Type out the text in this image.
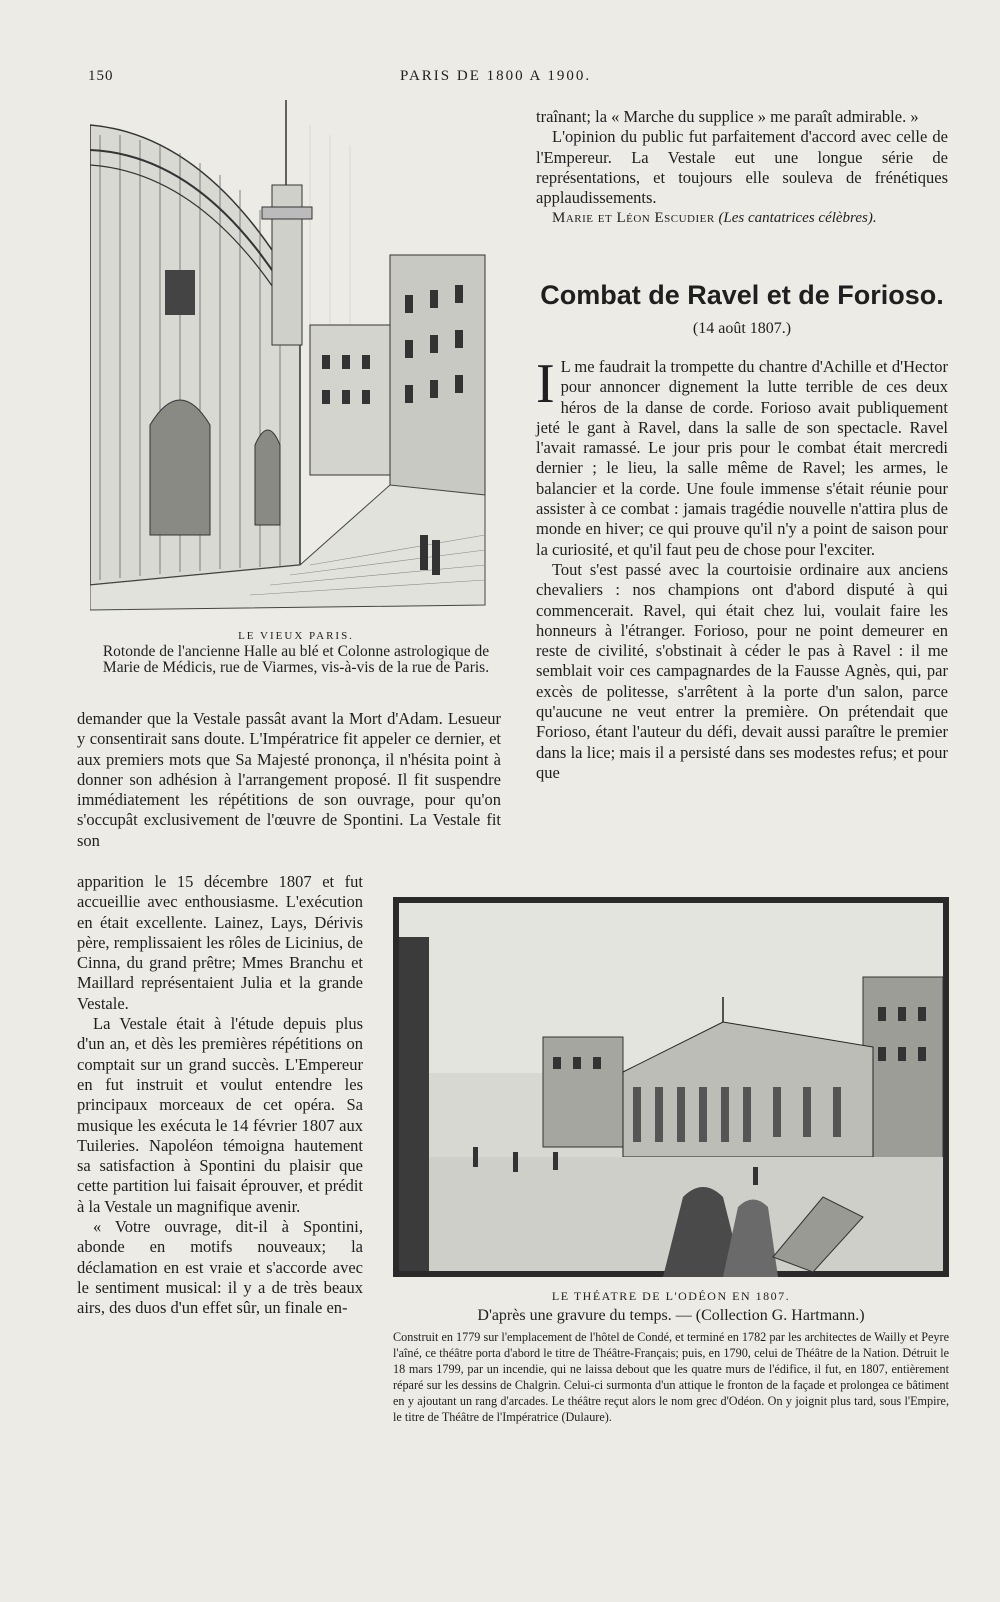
150	PARIS DE 1800 A 1900.
LE VIEUX PARIS.
Rotonde de l'ancienne Halle au blé et Colonne astrologique de Marie de Médicis, rue de Viarmes, vis-à-vis de la rue de Paris.

demander que la Vestale passât avant la Mort d'Adam. Lesueur y consentirait sans doute. L'Impératrice fit appeler ce dernier, et aux premiers mots que Sa Majesté prononça, il n'hésita point à donner son adhésion à l'arrangement proposé. Il fit suspendre immédiatement les répétitions de son ouvrage, pour qu'on s'occupât exclusivement de l'œuvre de Spontini. La Vestale fit son

apparition le 15 décembre 1807 et fut accueillie avec enthousiasme. L'exécution en était excellente. Lainez, Lays, Dérivis père, remplissaient les rôles de Licinius, de Cinna, du grand prêtre; Mmes Branchu et Maillard représentaient Julia et la grande Vestale.

La Vestale était à l'étude depuis plus d'un an, et dès les premières répétitions on comptait sur un grand succès. L'Empereur en fut instruit et voulut entendre les principaux morceaux de cet opéra. Sa musique les exécuta le 14 février 1807 aux Tuileries. Napoléon témoigna hautement sa satisfaction à Spontini du plaisir que cette partition lui faisait éprouver, et prédit à la Vestale un magnifique avenir.

« Votre ouvrage, dit-il à Spontini, abonde en motifs nouveaux; la déclamation en est vraie et s'accorde avec le sentiment musical: il y a de très beaux airs, des duos d'un effet sûr, un finale en-

traînant; la « Marche du supplice » me paraît admirable. »

L'opinion du public fut parfaitement d'accord avec celle de l'Empereur. La Vestale eut une longue série de représentations, et toujours elle souleva de frénétiques applaudissements.

Marie et Léon Escudier (Les cantatrices célèbres).

Combat de Ravel et de Forioso.
(14 août 1807.)

I L me faudrait la trompette du chantre d'Achille et d'Hector pour annoncer dignement la lutte terrible de ces deux héros de la danse de corde. Forioso avait publiquement jeté le gant à Ravel, dans la salle de son spectacle. Ravel l'avait ramassé. Le jour pris pour le combat était mercredi dernier ; le lieu, la salle même de Ravel; les armes, le balancier et la corde. Une foule immense s'était réunie pour assister à ce combat : jamais tragédie nouvelle n'attira plus de monde en hiver; ce qui prouve qu'il n'y a point de saison pour la curiosité, et qu'il faut peu de chose pour l'exciter.

Tout s'est passé avec la courtoisie ordinaire aux anciens chevaliers : nos champions ont d'abord disputé à qui commencerait. Ravel, qui était chez lui, voulait faire les honneurs à l'étranger. Forioso, pour ne point demeurer en reste de civilité, s'obstinait à céder le pas à Ravel : il me semblait voir ces campagnardes de la Fausse Agnès, qui, par excès de politesse, s'arrêtent à la porte d'un salon, parce qu'aucune ne veut entrer la première. On prétendait que Forioso, étant l'auteur du défi, devait aussi paraître le premier dans la lice; mais il a persisté dans ses modestes refus; et pour que

LE THÉATRE DE L'ODÉON EN 1807.
D'après une gravure du temps. — (Collection G. Hartmann.)
Construit en 1779 sur l'emplacement de l'hôtel de Condé, et terminé en 1782 par les architectes de Wailly et Peyre l'aîné, ce théâtre porta d'abord le titre de Théâtre-Français; puis, en 1790, celui de Théâtre de la Nation. Détruit le 18 mars 1799, par un incendie, qui ne laissa debout que les quatre murs de l'édifice, il fut, en 1807, entièrement réparé sur les dessins de Chalgrin. Celui-ci surmonta d'un attique le fronton de la façade et prolongea ce bâtiment en y ajoutant un rang d'arcades. Le théâtre reçut alors le nom grec d'Odéon. On y joignit plus tard, sous l'Empire, le titre de Théâtre de l'Impératrice (Dulaure).
